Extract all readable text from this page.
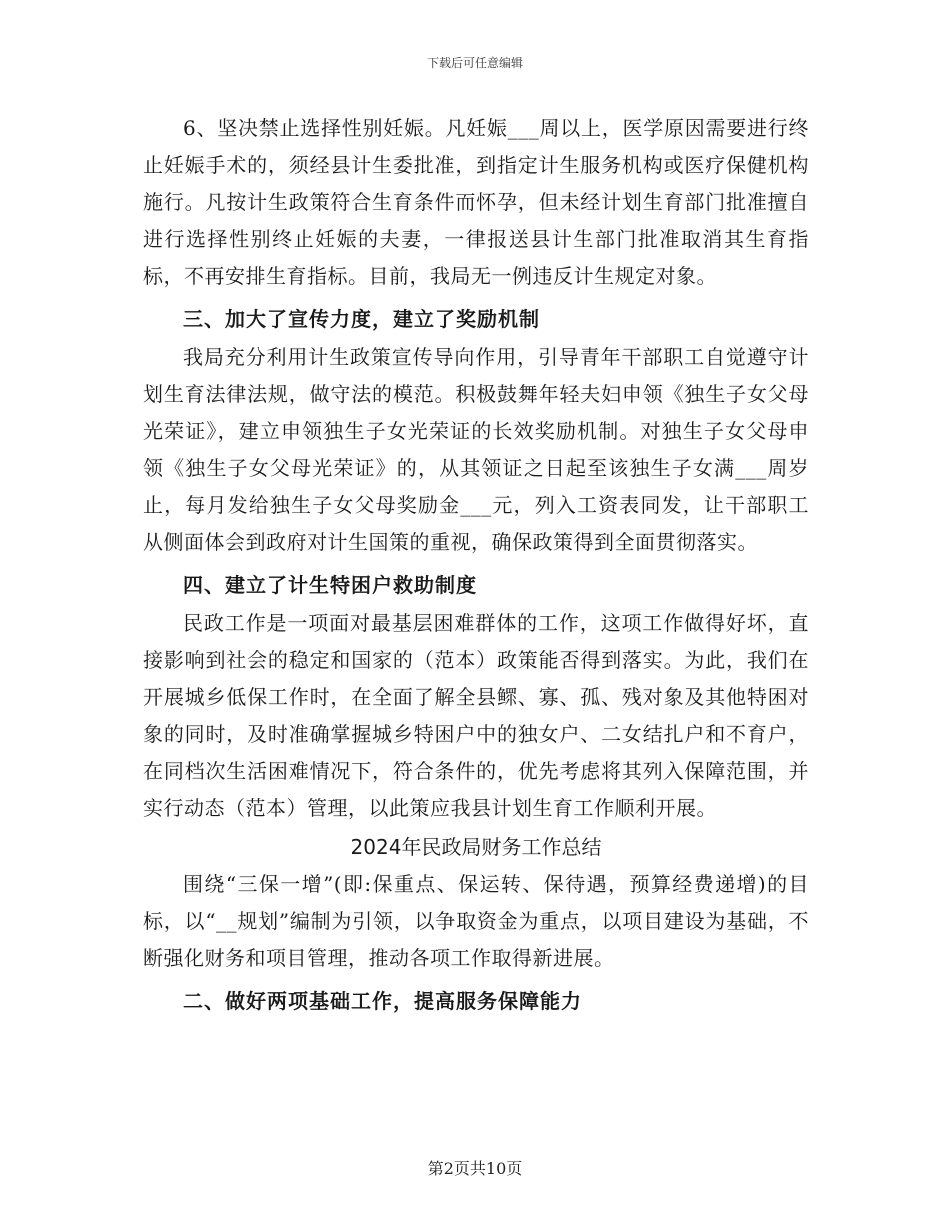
下载后可任意编辑

6、坚决禁止选择性别妊娠。凡妊娠___周以上，医学原因需要进行终止妊娠手术的，须经县计生委批准，到指定计生服务机构或医疗保健机构施行。凡按计生政策符合生育条件而怀孕，但未经计划生育部门批准擅自进行选择性别终止妊娠的夫妻，一律报送县计生部门批准取消其生育指标，不再安排生育指标。目前，我局无一例违反计生规定对象。

三、加大了宣传力度，建立了奖励机制

我局充分利用计生政策宣传导向作用，引导青年干部职工自觉遵守计划生育法律法规，做守法的模范。积极鼓舞年轻夫妇申领《独生子女父母光荣证》，建立申领独生子女光荣证的长效奖励机制。对独生子女父母申领《独生子女父母光荣证》的，从其领证之日起至该独生子女满___周岁止，每月发给独生子女父母奖励金___元，列入工资表同发，让干部职工从侧面体会到政府对计生国策的重视，确保政策得到全面贯彻落实。

四、建立了计生特困户救助制度

民政工作是一项面对最基层困难群体的工作，这项工作做得好坏，直接影响到社会的稳定和国家的（范本）政策能否得到落实。为此，我们在开展城乡低保工作时，在全面了解全县鳏、寡、孤、残对象及其他特困对象的同时，及时准确掌握城乡特困户中的独女户、二女结扎户和不育户，在同档次生活困难情况下，符合条件的，优先考虑将其列入保障范围，并实行动态（范本）管理，以此策应我县计划生育工作顺利开展。

2024年民政局财务工作总结

围绕“三保一增”(即:保重点、保运转、保待遇，预算经费递增)的目标，以“__规划”编制为引领，以争取资金为重点，以项目建设为基础，不断强化财务和项目管理，推动各项工作取得新进展。

二、做好两项基础工作，提高服务保障能力

第2页共10页
